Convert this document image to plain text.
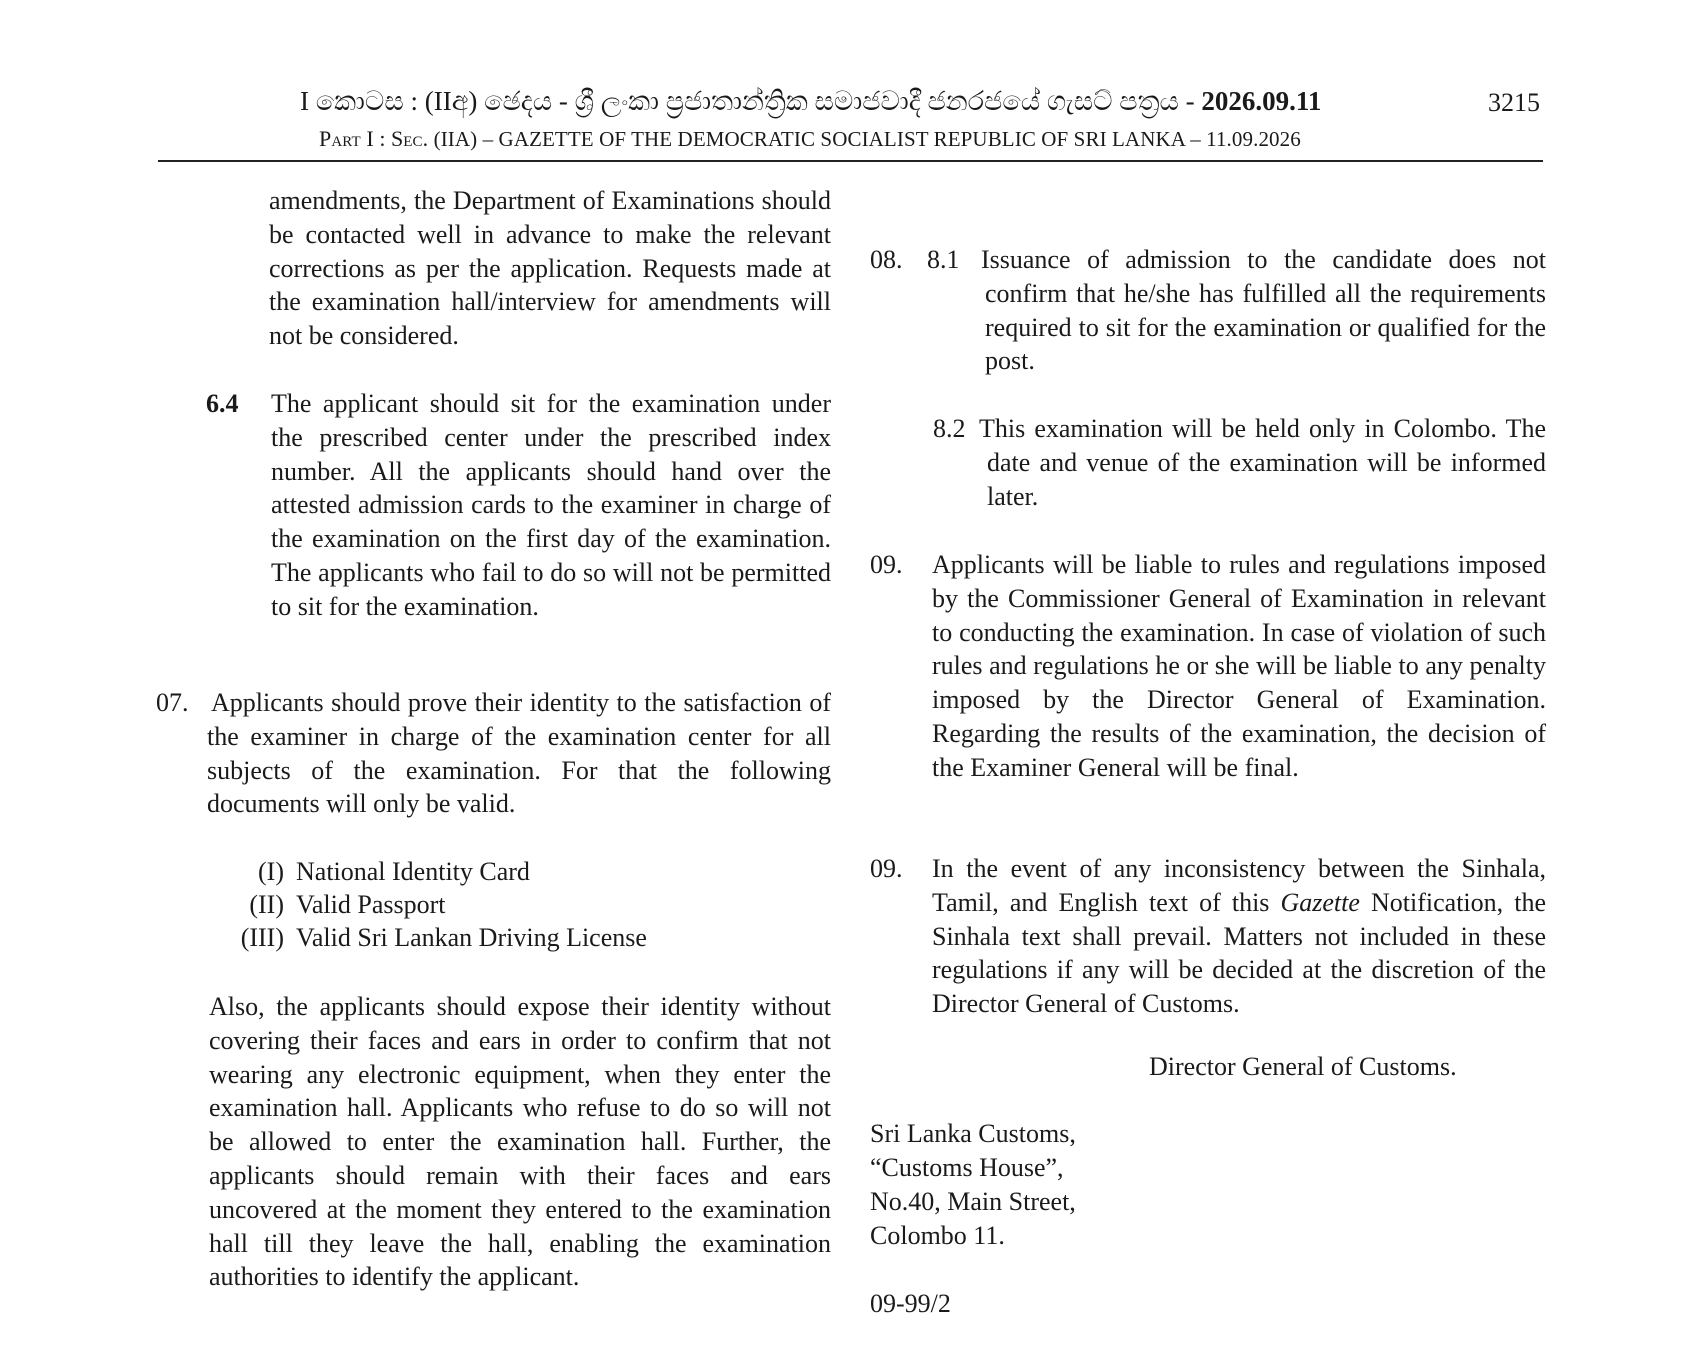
I කොටස : (IIඅ) ඡෙදය - ශ්‍රී ලංකා ප්‍රජාතාන්ත්‍රික සමාජවාදී ජනරජයේ ගැසට් පත්‍රය - 2026.09.11	3215
Part I : Sec. (IIA) – GAZETTE OF THE DEMOCRATIC SOCIALIST REPUBLIC OF SRI LANKA – 11.09.2026
amendments, the Department of Examinations should be contacted well in advance to make the relevant corrections as per the application. Requests made at the examination hall/interview for amendments will not be considered.
6.4 The applicant should sit for the examination under the prescribed center under the prescribed index number. All the applicants should hand over the attested admission cards to the examiner in charge of the examination on the first day of the examination. The applicants who fail to do so will not be permitted to sit for the examination.
07. Applicants should prove their identity to the satisfaction of the examiner in charge of the examination center for all subjects of the examination. For that the following documents will only be valid.
(I) National Identity Card
(II) Valid Passport
(III) Valid Sri Lankan Driving License
Also, the applicants should expose their identity without covering their faces and ears in order to confirm that not wearing any electronic equipment, when they enter the examination hall. Applicants who refuse to do so will not be allowed to enter the examination hall. Further, the applicants should remain with their faces and ears uncovered at the moment they entered to the examination hall till they leave the hall, enabling the examination authorities to identify the applicant.
08. 8.1 Issuance of admission to the candidate does not confirm that he/she has fulfilled all the requirements required to sit for the examination or qualified for the post.
8.2 This examination will be held only in Colombo. The date and venue of the examination will be informed later.
09. Applicants will be liable to rules and regulations imposed by the Commissioner General of Examination in relevant to conducting the examination. In case of violation of such rules and regulations he or she will be liable to any penalty imposed by the Director General of Examination. Regarding the results of the examination, the decision of the Examiner General will be final.
09. In the event of any inconsistency between the Sinhala, Tamil, and English text of this Gazette Notification, the Sinhala text shall prevail. Matters not included in these regulations if any will be decided at the discretion of the Director General of Customs.
Director General of Customs.
Sri Lanka Customs,
“Customs House”,
No.40, Main Street,
Colombo 11.
09-99/2
